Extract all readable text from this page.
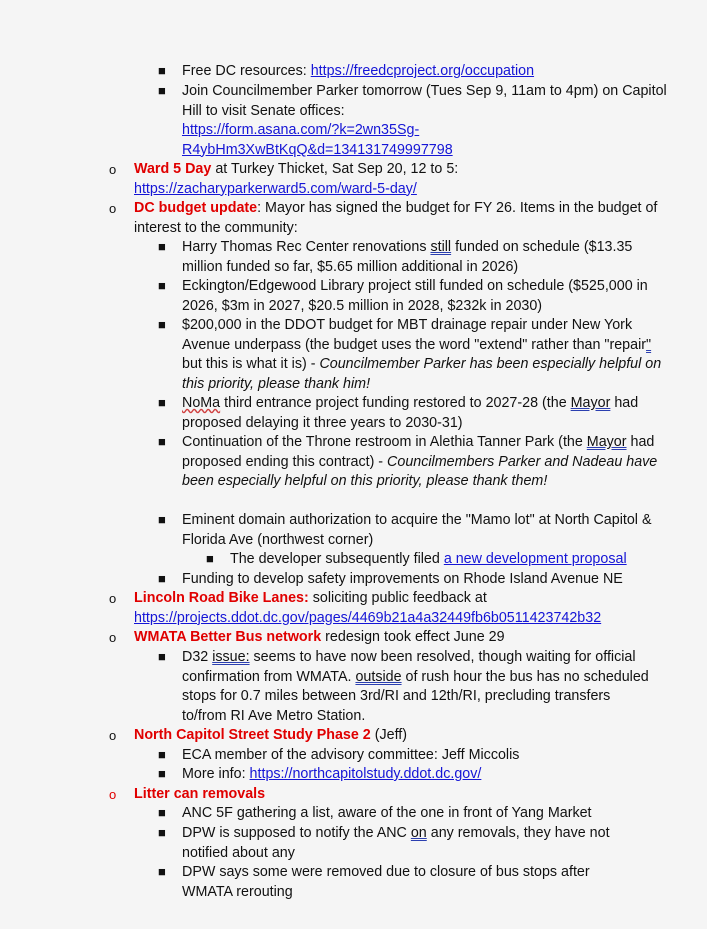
■ Free DC resources: https://freedcproject.org/occupation
■ Join Councilmember Parker tomorrow (Tues Sep 9, 11am to 4pm) on Capitol Hill to visit Senate offices:
https://form.asana.com/?k=2wn35Sg-
R4ybHm3XwBtKqQ&d=1341317499977​98
o Ward 5 Day at Turkey Thicket, Sat Sep 20, 12 to 5:
https://zacharyparkerward5.com/ward-5-day/
o DC budget update: Mayor has signed the budget for FY 26. Items in the budget of interest to the community:
■ Harry Thomas Rec Center renovations still funded on schedule ($13.35 million funded so far, $5.65 million additional in 2026)
■ Eckington/Edgewood Library project still funded on schedule ($525,000 in 2026, $3m in 2027, $20.5 million in 2028, $232k in 2030)
■ $200,000 in the DDOT budget for MBT drainage repair under New York Avenue underpass (the budget uses the word "extend" rather than "repair" but this is what it is) - Councilmember Parker has been especially helpful on this priority, please thank him!
■ NoMa third entrance project funding restored to 2027-28 (the Mayor had proposed delaying it three years to 2030-31)
■ Continuation of the Throne restroom in Alethia Tanner Park (the Mayor had proposed ending this contract) - Councilmembers Parker and Nadeau have been especially helpful on this priority, please thank them!
■ Eminent domain authorization to acquire the "Mamo lot" at North Capitol & Florida Ave (northwest corner)
■ The developer subsequently filed a new development proposal
■ Funding to develop safety improvements on Rhode Island Avenue NE
o Lincoln Road Bike Lanes: soliciting public feedback at
https://projects.ddot.dc.gov/pages/4469b21a4a32449fb6b0511423742b32
o WMATA Better Bus network redesign took effect June 29
■ D32 issue: seems to have now been resolved, though waiting for official confirmation from WMATA. outside of rush hour the bus has no scheduled stops for 0.7 miles between 3rd/RI and 12th/RI, precluding transfers to/from RI Ave Metro Station.
o North Capitol Street Study Phase 2 (Jeff)
■ ECA member of the advisory committee: Jeff Miccolis
■ More info: https://northcapitolstudy.ddot.dc.gov/
o Litter can removals
■ ANC 5F gathering a list, aware of the one in front of Yang Market
■ DPW is supposed to notify the ANC on any removals, they have not notified about any
■ DPW says some were removed due to closure of bus stops after WMATA rerouting
